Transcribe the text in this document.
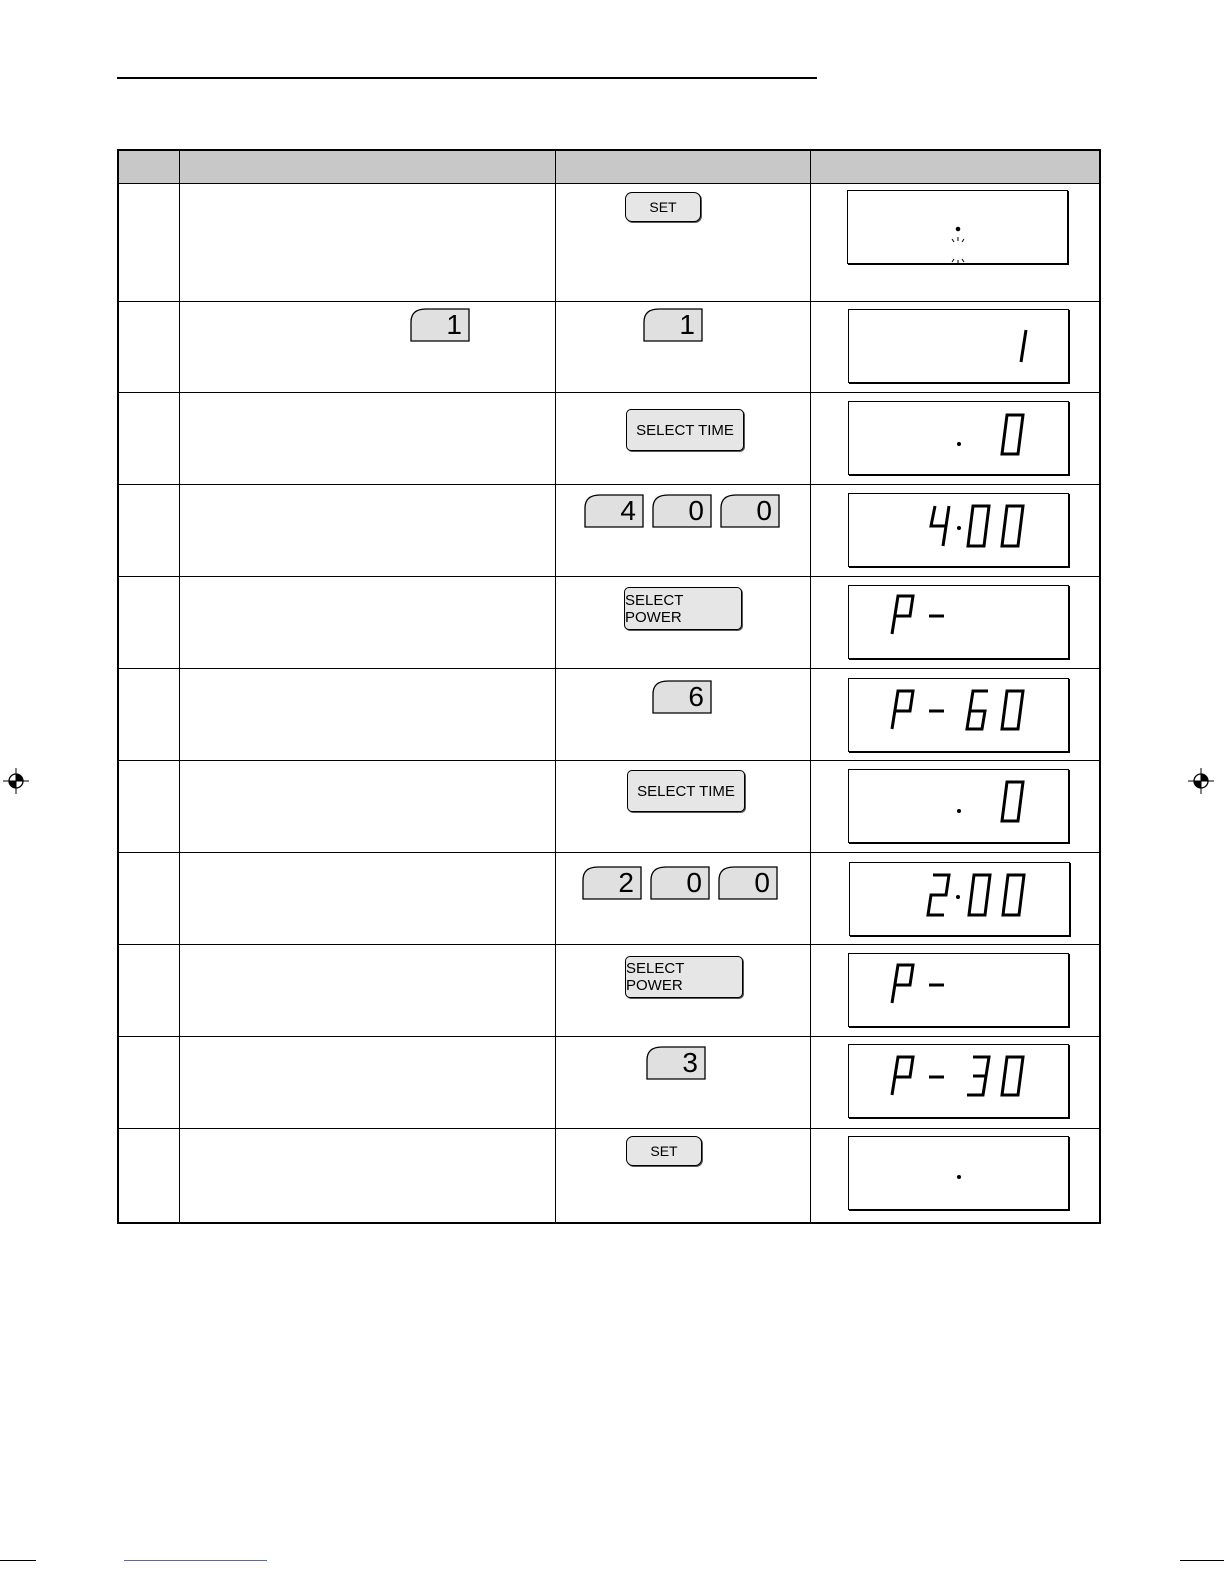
SET
1	1
SELECT TIME
4 0 0
SELECT POWER
6
SELECT TIME
2 0 0
SELECT POWER
3
SET
